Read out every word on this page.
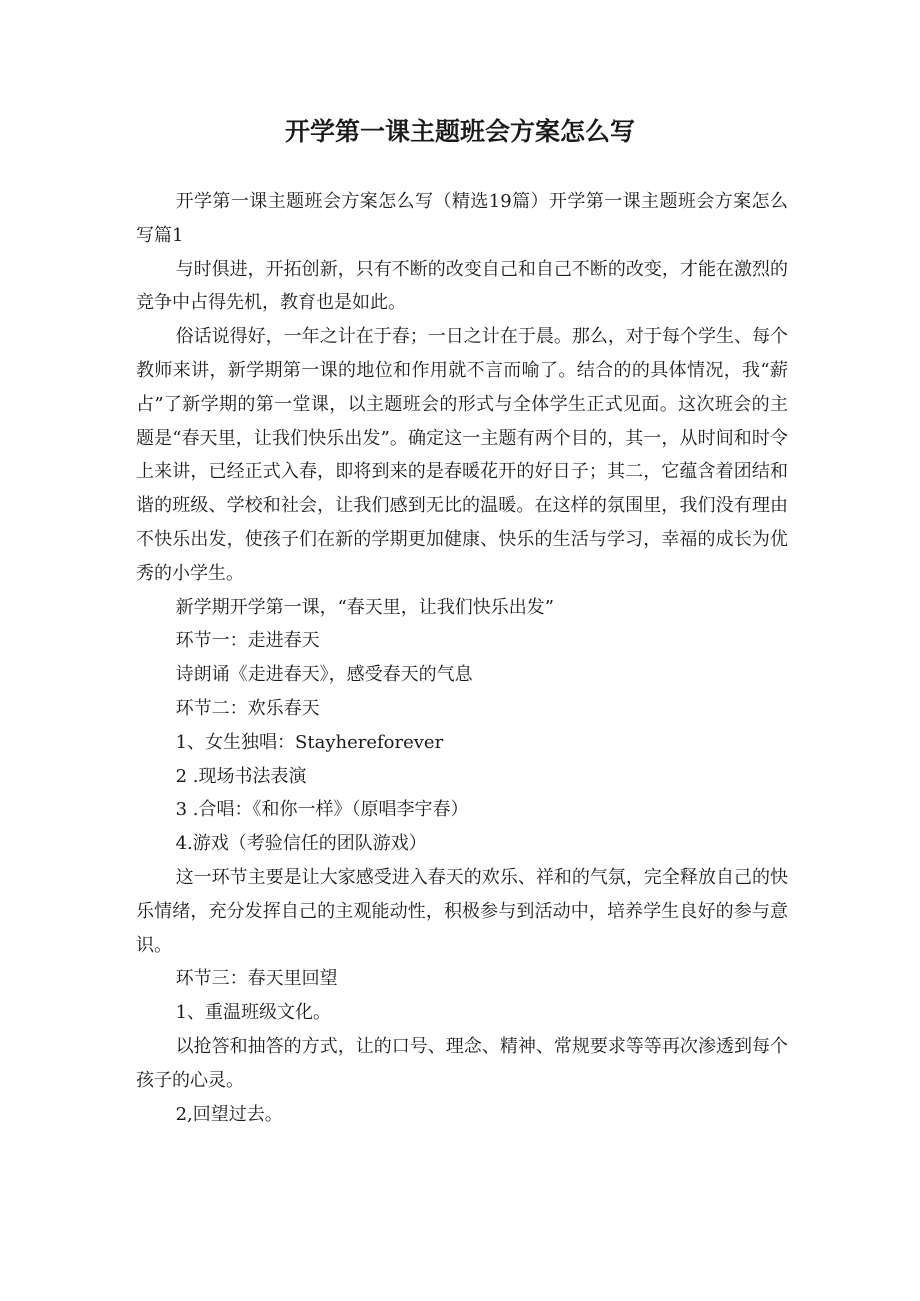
开学第一课主题班会方案怎么写

开学第一课主题班会方案怎么写（精选19篇）开学第一课主题班会方案怎么写篇1

与时俱进，开拓创新，只有不断的改变自己和自己不断的改变，才能在激烈的竞争中占得先机，教育也是如此。

俗话说得好，一年之计在于春；一日之计在于晨。那么，对于每个学生、每个教师来讲，新学期第一课的地位和作用就不言而喻了。结合的的具体情况，我“薪占”了新学期的第一堂课，以主题班会的形式与全体学生正式见面。这次班会的主题是“春天里，让我们快乐出发”。确定这一主题有两个目的，其一，从时间和时令上来讲，已经正式入春，即将到来的是春暖花开的好日子；其二，它蕴含着团结和谐的班级、学校和社会，让我们感到无比的温暖。在这样的氛围里，我们没有理由不快乐出发，使孩子们在新的学期更加健康、快乐的生活与学习，幸福的成长为优秀的小学生。

新学期开学第一课，“春天里，让我们快乐出发”

环节一：走进春天

诗朗诵《走进春天》，感受春天的气息

环节二：欢乐春天

1、女生独唱：Stayhereforever

2 .现场书法表演

3 .合唱：《和你一样》（原唱李宇春）

4.游戏（考验信任的团队游戏）

这一环节主要是让大家感受进入春天的欢乐、祥和的气氛，完全释放自己的快乐情绪，充分发挥自己的主观能动性，积极参与到活动中，培养学生良好的参与意识。

环节三：春天里回望

1、重温班级文化。

以抢答和抽答的方式，让的口号、理念、精神、常规要求等等再次渗透到每个孩子的心灵。

2,回望过去。
